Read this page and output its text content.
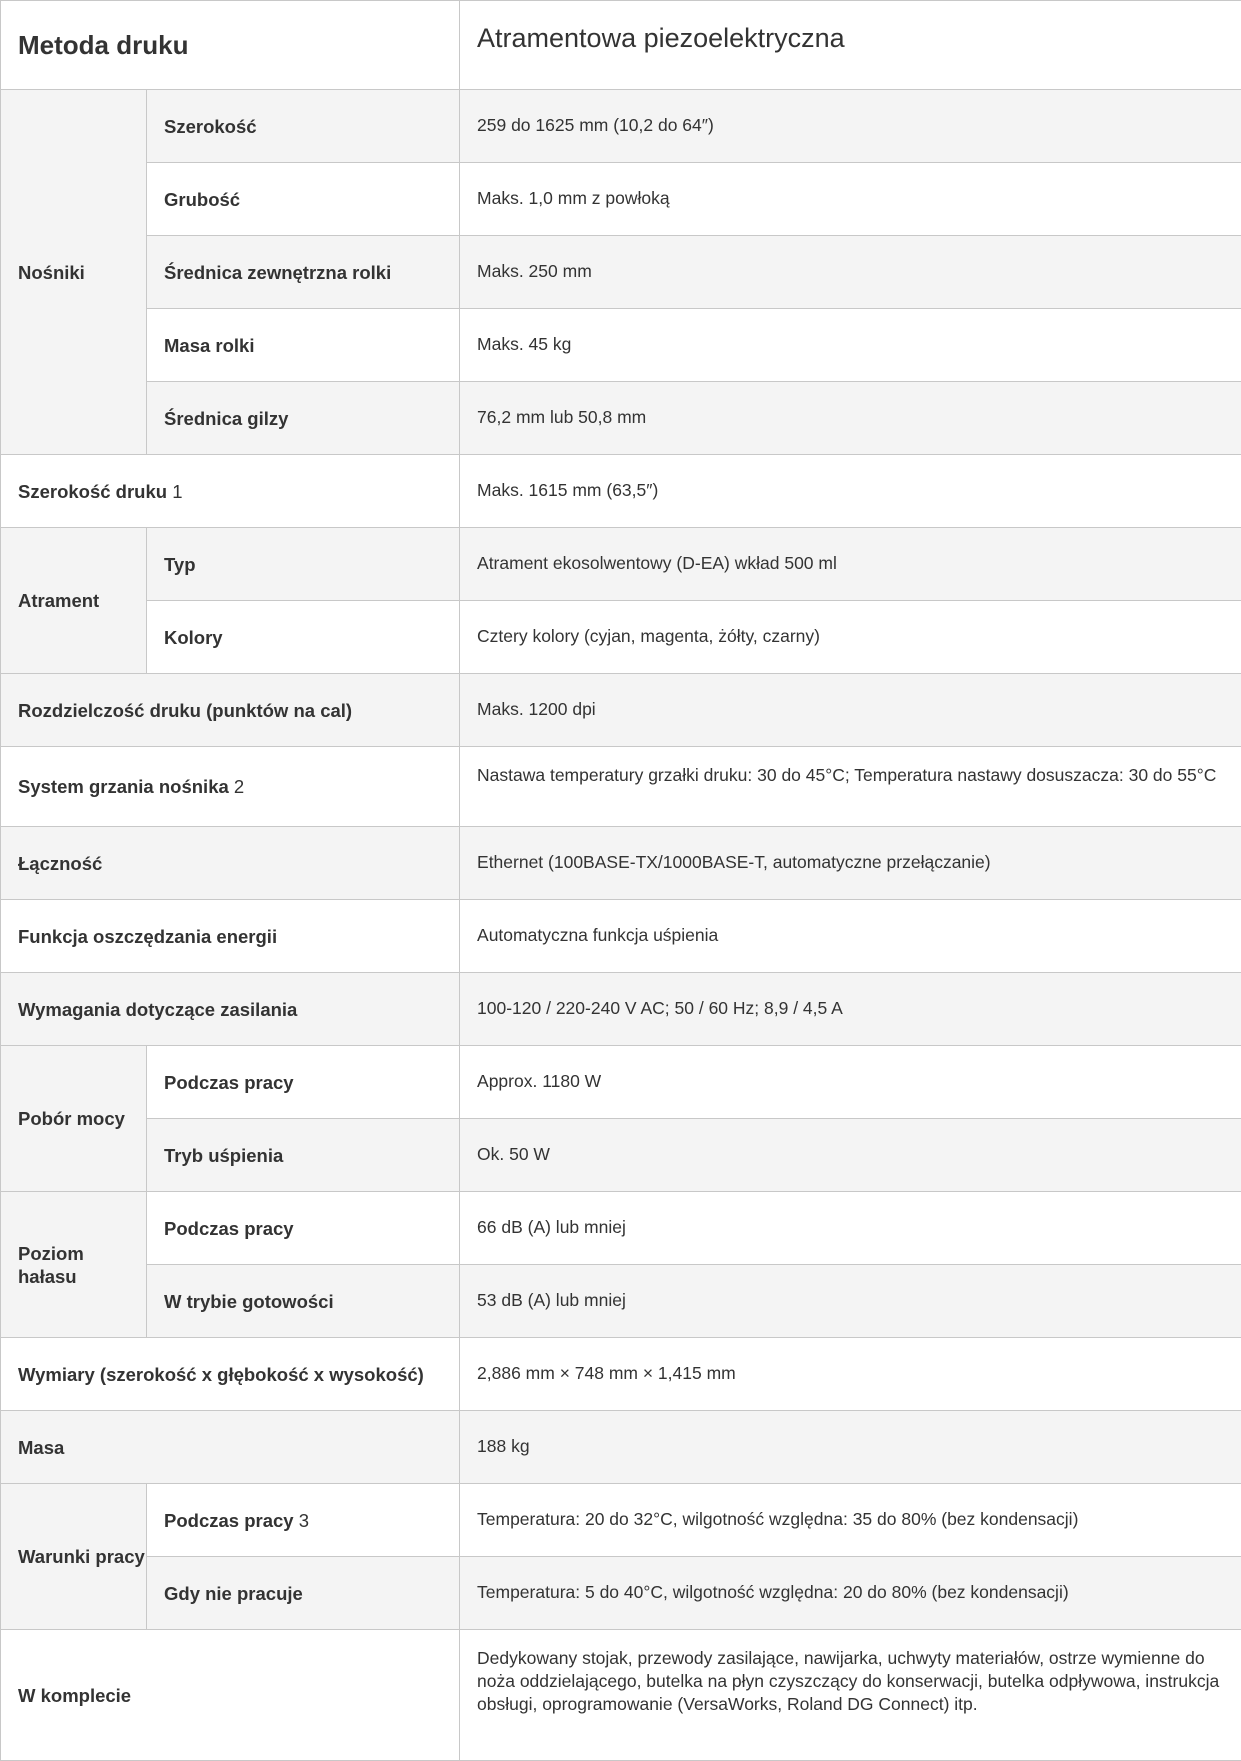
Metoda druku		Atramentowa piezoelektryczna
Nośniki	Szerokość	259 do 1625 mm (10,2 do 64″)
	Grubość	Maks. 1,0 mm z powłoką
	Średnica zewnętrzna rolki	Maks. 250 mm
	Masa rolki	Maks. 45 kg
	Średnica gilzy	76,2 mm lub 50,8 mm
Szerokość druku 1		Maks. 1615 mm (63,5″)
Atrament	Typ	Atrament ekosolwentowy (D-EA) wkład 500 ml
	Kolory	Cztery kolory (cyjan, magenta, żółty, czarny)
Rozdzielczość druku (punktów na cal)		Maks. 1200 dpi
System grzania nośnika 2		Nastawa temperatury grzałki druku: 30 do 45°C; Temperatura nastawy dosuszacza: 30 do 55°C
Łączność		Ethernet (100BASE-TX/1000BASE-T, automatyczne przełączanie)
Funkcja oszczędzania energii		Automatyczna funkcja uśpienia
Wymagania dotyczące zasilania		100-120 / 220-240 V AC; 50 / 60 Hz; 8,9 / 4,5 A
Pobór mocy	Podczas pracy	Approx. 1180 W
	Tryb uśpienia	Ok. 50 W
Poziom hałasu	Podczas pracy	66 dB (A) lub mniej
	W trybie gotowości	53 dB (A) lub mniej
Wymiary (szerokość x głębokość x wysokość)		2,886 mm × 748 mm × 1,415 mm
Masa		188 kg
Warunki pracy	Podczas pracy 3	Temperatura: 20 do 32°C, wilgotność względna: 35 do 80% (bez kondensacji)
	Gdy nie pracuje	Temperatura: 5 do 40°C, wilgotność względna: 20 do 80% (bez kondensacji)
W komplecie		Dedykowany stojak, przewody zasilające, nawijarka, uchwyty materiałów, ostrze wymienne do noża oddzielającego, butelka na płyn czyszczący do konserwacji, butelka odpływowa, instrukcja obsługi, oprogramowanie (VersaWorks, Roland DG Connect) itp.
